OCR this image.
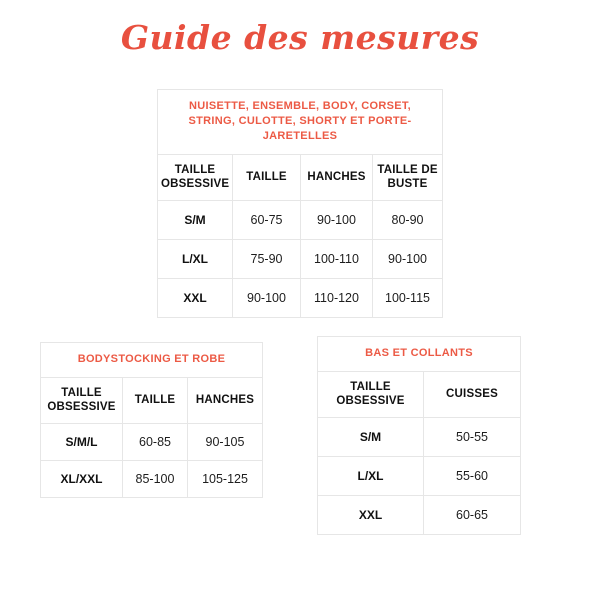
Guide des mesures
NUISETTE, ENSEMBLE, BODY, CORSET, STRING, CULOTTE, SHORTY ET PORTE-JARETELLES			
TAILLE OBSESSIVE	TAILLE	HANCHES	TAILLE DE BUSTE
S/M	60-75	90-100	80-90
L/XL	75-90	100-110	90-100
XXL	90-100	110-120	100-115
BODYSTOCKING ET ROBE		
TAILLE OBSESSIVE	TAILLE	HANCHES
S/M/L	60-85	90-105
XL/XXL	85-100	105-125
BAS ET COLLANTS	
TAILLE OBSESSIVE	CUISSES
S/M	50-55
L/XL	55-60
XXL	60-65
